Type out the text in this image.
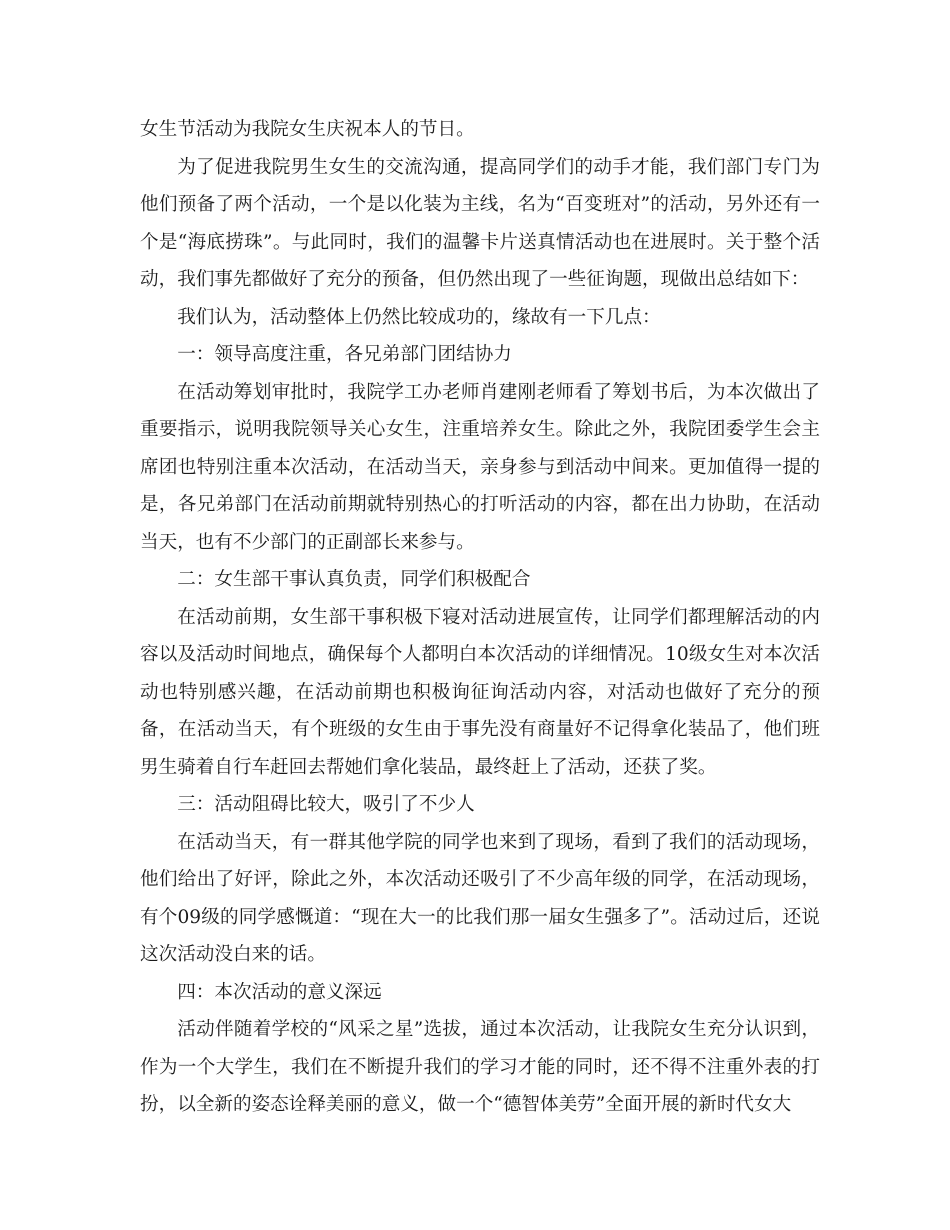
女生节活动为我院女生庆祝本人的节日。

为了促进我院男生女生的交流沟通，提高同学们的动手才能，我们部门专门为他们预备了两个活动，一个是以化装为主线，名为“百变班对”的活动，另外还有一个是“海底捞珠”。与此同时，我们的温馨卡片送真情活动也在进展时。关于整个活动，我们事先都做好了充分的预备，但仍然出现了一些征询题，现做出总结如下：

我们认为，活动整体上仍然比较成功的，缘故有一下几点：

一：领导高度注重，各兄弟部门团结协力

在活动筹划审批时，我院学工办老师肖建刚老师看了筹划书后，为本次做出了重要指示，说明我院领导关心女生，注重培养女生。除此之外，我院团委学生会主席团也特别注重本次活动，在活动当天，亲身参与到活动中间来。更加值得一提的是，各兄弟部门在活动前期就特别热心的打听活动的内容，都在出力协助，在活动当天，也有不少部门的正副部长来参与。

二：女生部干事认真负责，同学们积极配合

在活动前期，女生部干事积极下寝对活动进展宣传，让同学们都理解活动的内容以及活动时间地点，确保每个人都明白本次活动的详细情况。10级女生对本次活动也特别感兴趣，在活动前期也积极询征询活动内容，对活动也做好了充分的预备，在活动当天，有个班级的女生由于事先没有商量好不记得拿化装品了，他们班男生骑着自行车赶回去帮她们拿化装品，最终赶上了活动，还获了奖。

三：活动阻碍比较大，吸引了不少人

在活动当天，有一群其他学院的同学也来到了现场，看到了我们的活动现场，他们给出了好评，除此之外，本次活动还吸引了不少高年级的同学，在活动现场，有个09级的同学感慨道：“现在大一的比我们那一届女生强多了”。活动过后，还说这次活动没白来的话。

四：本次活动的意义深远

活动伴随着学校的“风采之星”选拔，通过本次活动，让我院女生充分认识到，作为一个大学生，我们在不断提升我们的学习才能的同时，还不得不注重外表的打扮，以全新的姿态诠释美丽的意义，做一个“德智体美劳”全面开展的新时代女大
